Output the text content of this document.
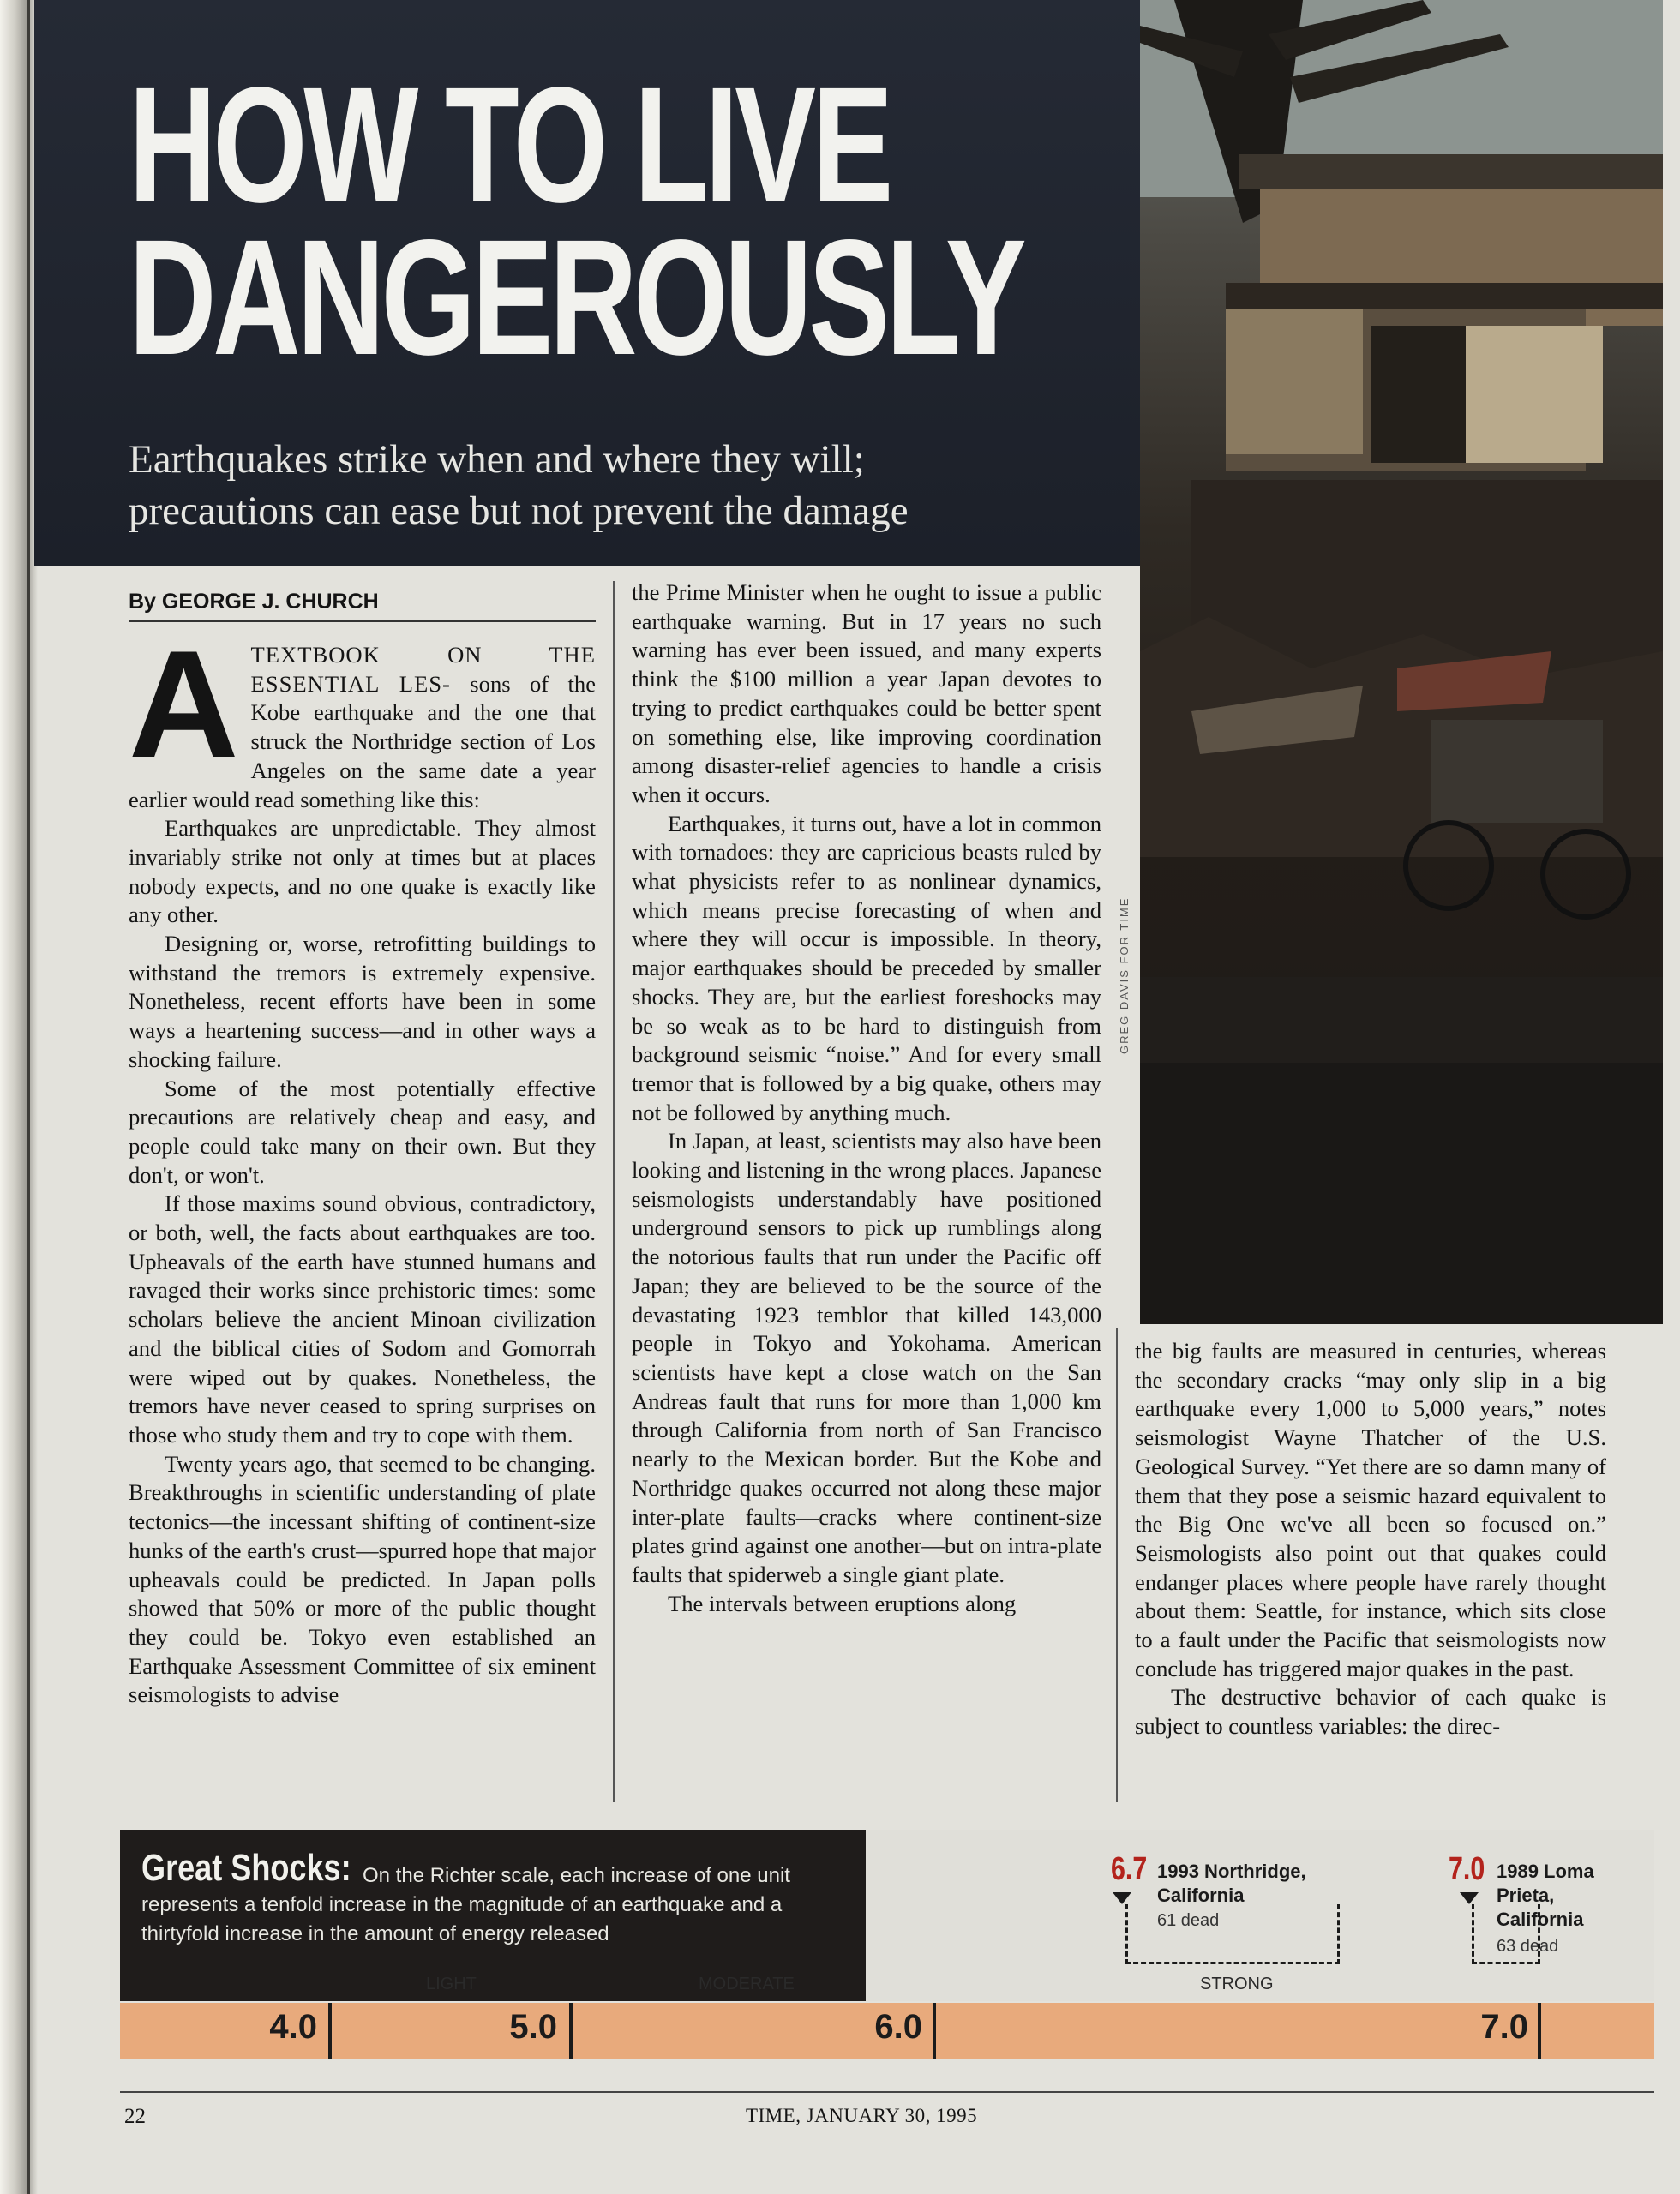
HOW TO LIVE
DANGEROUSLY
Earthquakes strike when and where they will;
precautions can ease but not prevent the damage
GREG DAVIS FOR TIME
By GEORGE J. CHURCH

ATEXTBOOK ON THE ESSENTIAL LES- sons of the Kobe earthquake and the one that struck the Northridge section of Los Angeles on the same date a year earlier would read something like this:

Earthquakes are unpredictable. They almost invariably strike not only at times but at places nobody expects, and no one quake is exactly like any other.

Designing or, worse, retrofitting buildings to withstand the tremors is extremely expensive. Nonetheless, recent efforts have been in some ways a heartening success—and in other ways a shocking failure.

Some of the most potentially effective precautions are relatively cheap and easy, and people could take many on their own. But they don't, or won't.

If those maxims sound obvious, contradictory, or both, well, the facts about earthquakes are too. Upheavals of the earth have stunned humans and ravaged their works since prehistoric times: some scholars believe the ancient Minoan civilization and the biblical cities of Sodom and Gomorrah were wiped out by quakes. Nonetheless, the tremors have never ceased to spring surprises on those who study them and try to cope with them.

Twenty years ago, that seemed to be changing. Breakthroughs in scientific understanding of plate tectonics—the incessant shifting of continent-size hunks of the earth's crust—spurred hope that major upheavals could be predicted. In Japan polls showed that 50% or more of the public thought they could be. Tokyo even established an Earthquake Assessment Committee of six eminent seismologists to advise

the Prime Minister when he ought to issue a public earthquake warning. But in 17 years no such warning has ever been issued, and many experts think the $100 million a year Japan devotes to trying to predict earthquakes could be better spent on something else, like improving coordination among disaster-relief agencies to handle a crisis when it occurs.

Earthquakes, it turns out, have a lot in common with tornadoes: they are capricious beasts ruled by what physicists refer to as nonlinear dynamics, which means precise forecasting of when and where they will occur is impossible. In theory, major earthquakes should be preceded by smaller shocks. They are, but the earliest foreshocks may be so weak as to be hard to distinguish from background seismic “noise.” And for every small tremor that is followed by a big quake, others may not be followed by anything much.

In Japan, at least, scientists may also have been looking and listening in the wrong places. Japanese seismologists understandably have positioned underground sensors to pick up rumblings along the notorious faults that run under the Pacific off Japan; they are believed to be the source of the devastating 1923 temblor that killed 143,000 people in Tokyo and Yokohama. American scientists have kept a close watch on the San Andreas fault that runs for more than 1,000 km through California from north of San Francisco nearly to the Mexican border. But the Kobe and Northridge quakes occurred not along these major inter-plate faults—cracks where continent-size plates grind against one another—but on intra-plate faults that spiderweb a single giant plate.

The intervals between eruptions along

the big faults are measured in centuries, whereas the secondary cracks “may only slip in a big earthquake every 1,000 to 5,000 years,” notes seismologist Wayne Thatcher of the U.S. Geological Survey. “Yet there are so damn many of them that they pose a seismic hazard equivalent to the Big One we've all been so focused on.” Seismologists also point out that quakes could endanger places where people have rarely thought about them: Seattle, for instance, which sits close to a fault under the Pacific that seismologists now conclude has triggered major quakes in the past.

The destructive behavior of each quake is subject to countless variables: the direc-

Great Shocks: On the Richter scale, each increase of one unit represents a tenfold increase in the magnitude of an earthquake and a thirtyfold increase in the amount of energy released
LIGHT	MODERATE	STRONG
4.0	5.0	6.0	7.0
6.7 1993 Northridge,
California
61 dead
7.0 1989 Loma
Prieta,
California
63 dead
22	TIME, JANUARY 30, 1995
